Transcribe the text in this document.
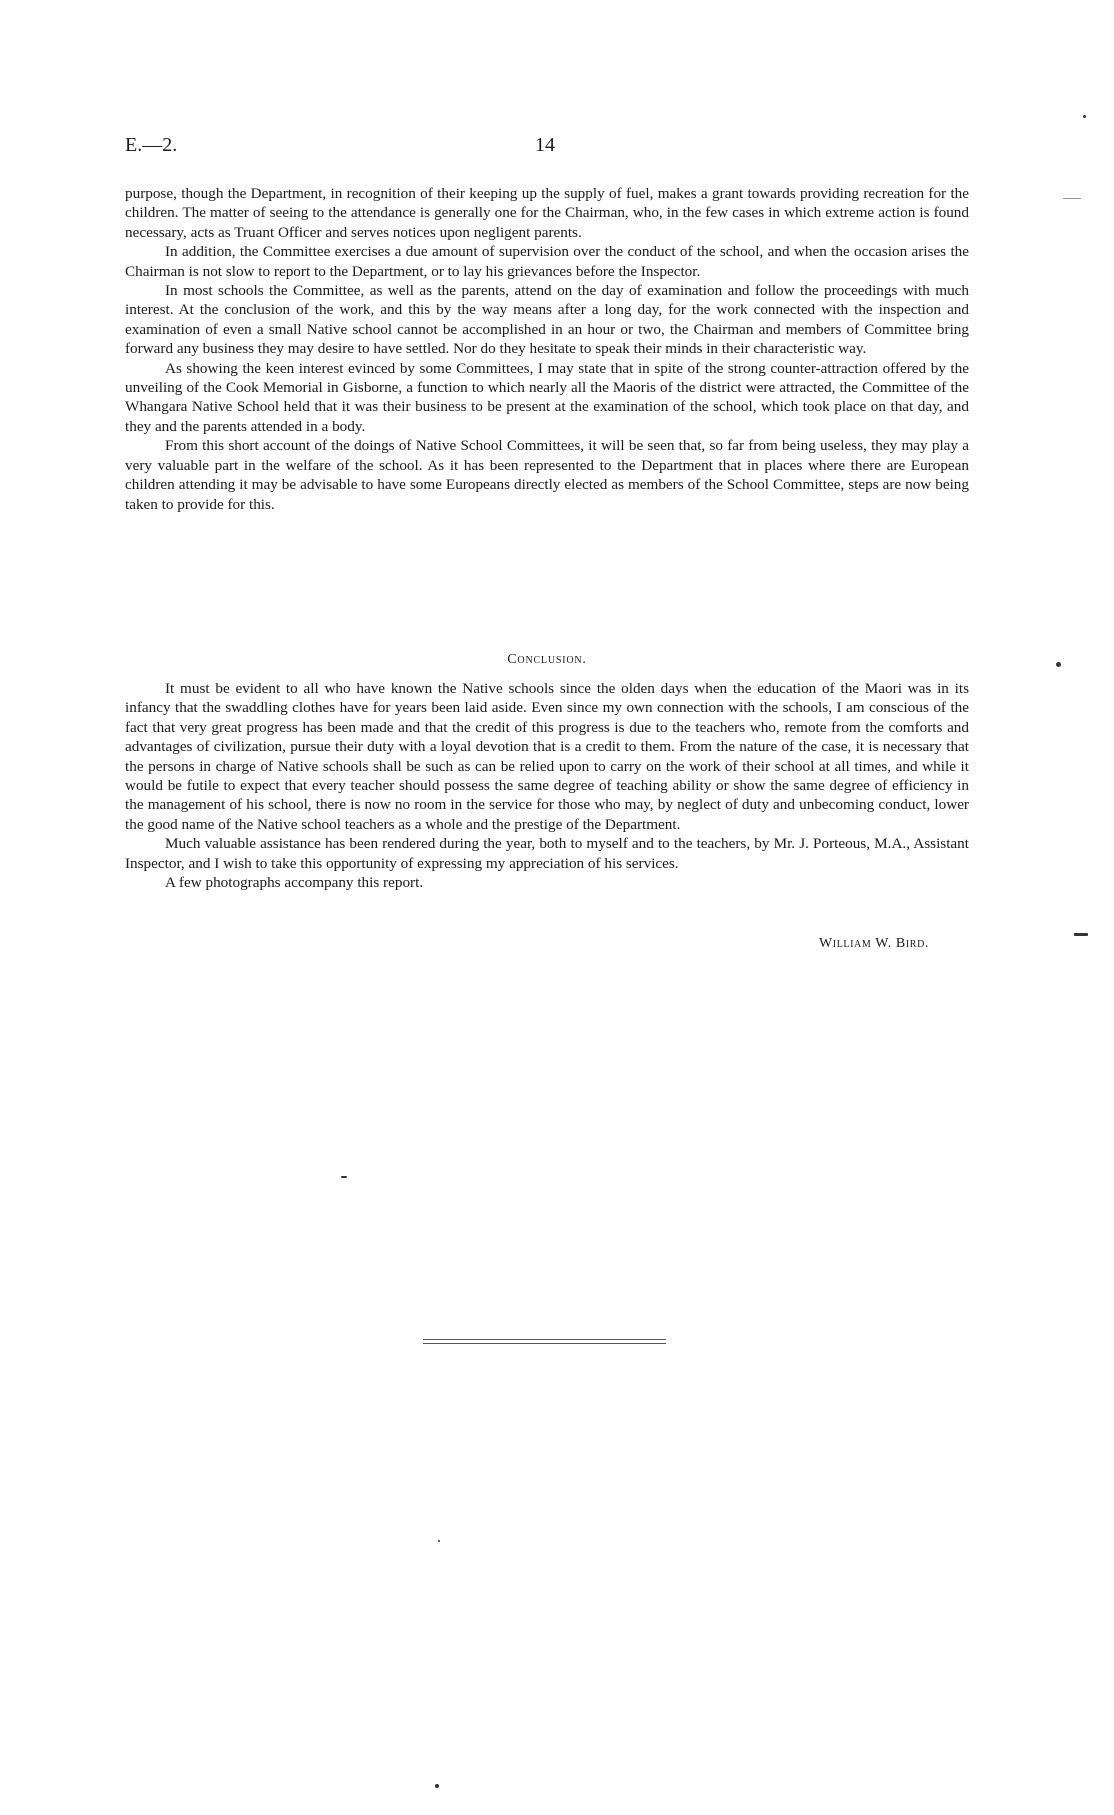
E.—2.	14

purpose, though the Department, in recognition of their keeping up the supply of fuel, makes a grant towards providing recreation for the children. The matter of seeing to the attendance is generally one for the Chairman, who, in the few cases in which extreme action is found necessary, acts as Truant Officer and serves notices upon negligent parents.

In addition, the Committee exercises a due amount of supervision over the conduct of the school, and when the occasion arises the Chairman is not slow to report to the Department, or to lay his grievances before the Inspector.

In most schools the Committee, as well as the parents, attend on the day of examination and follow the proceedings with much interest. At the conclusion of the work, and this by the way means after a long day, for the work connected with the inspection and examination of even a small Native school cannot be accomplished in an hour or two, the Chairman and members of Committee bring forward any business they may desire to have settled. Nor do they hesitate to speak their minds in their characteristic way.

As showing the keen interest evinced by some Committees, I may state that in spite of the strong counter-attraction offered by the unveiling of the Cook Memorial in Gisborne, a function to which nearly all the Maoris of the district were attracted, the Committee of the Whangara Native School held that it was their business to be present at the examination of the school, which took place on that day, and they and the parents attended in a body.

From this short account of the doings of Native School Committees, it will be seen that, so far from being useless, they may play a very valuable part in the welfare of the school. As it has been represented to the Department that in places where there are European children attending it may be advisable to have some Europeans directly elected as members of the School Committee, steps are now being taken to provide for this.

Conclusion.

It must be evident to all who have known the Native schools since the olden days when the education of the Maori was in its infancy that the swaddling clothes have for years been laid aside. Even since my own connection with the schools, I am conscious of the fact that very great progress has been made and that the credit of this progress is due to the teachers who, remote from the comforts and advantages of civilization, pursue their duty with a loyal devotion that is a credit to them. From the nature of the case, it is necessary that the persons in charge of Native schools shall be such as can be relied upon to carry on the work of their school at all times, and while it would be futile to expect that every teacher should possess the same degree of teaching ability or show the same degree of efficiency in the management of his school, there is now no room in the service for those who may, by neglect of duty and unbecoming conduct, lower the good name of the Native school teachers as a whole and the prestige of the Department.

Much valuable assistance has been rendered during the year, both to myself and to the teachers, by Mr. J. Porteous, M.A., Assistant Inspector, and I wish to take this opportunity of expressing my appreciation of his services.

A few photographs accompany this report.

William W. Bird.
